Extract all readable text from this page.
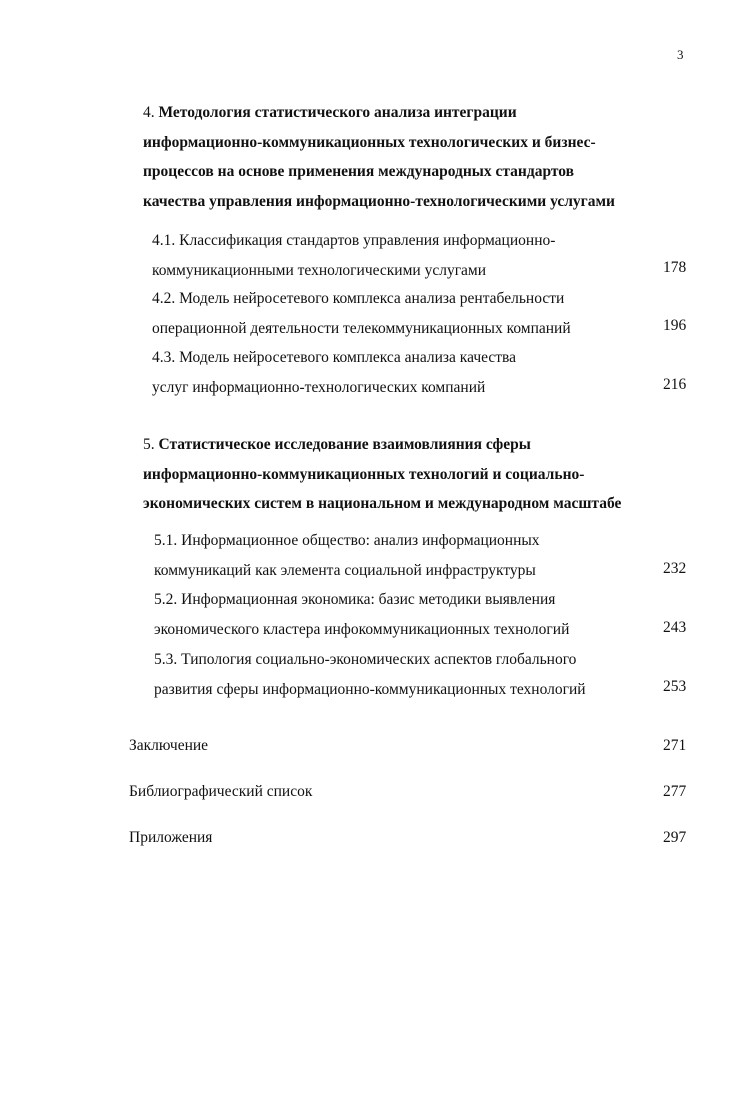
3
4. Методология статистического анализа интеграции
информационно-коммуникационных технологических и бизнес-
процессов на основе применения международных стандартов
качества управления информационно-технологическими услугами
4.1. Классификация стандартов управления информационно-
коммуникационными технологическими услугами	178
4.2. Модель нейросетевого комплекса анализа рентабельности
операционной деятельности телекоммуникационных компаний	196
4.3. Модель нейросетевого комплекса анализа качества
услуг информационно-технологических компаний	216
5. Статистическое исследование взаимовлияния сферы
информационно-коммуникационных технологий и социально-
экономических систем в национальном и международном масштабе
5.1. Информационное общество: анализ информационных
коммуникаций как элемента социальной инфраструктуры	232
5.2. Информационная экономика: базис методики выявления
экономического кластера инфокоммуникационных технологий	243
5.3. Типология социально-экономических аспектов глобального
развития сферы информационно-коммуникационных технологий	253
Заключение	271
Библиографический список	277
Приложения	297
